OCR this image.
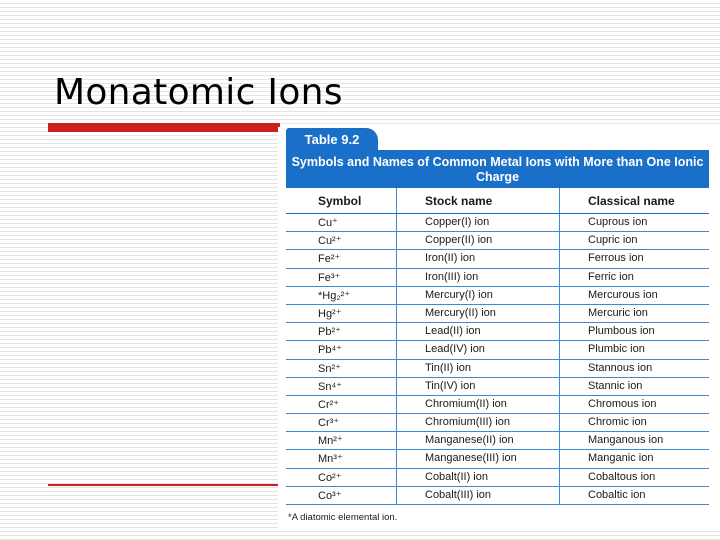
Monatomic Ions
Table 9.2
Symbols and Names of Common Metal Ions with More than One Ionic Charge
Symbol	Stock name	Classical name
Cu⁺	Copper(I) ion	Cuprous ion
Cu²⁺	Copper(II) ion	Cupric ion
Fe²⁺	Iron(II) ion	Ferrous ion
Fe³⁺	Iron(III) ion	Ferric ion
*Hg₂²⁺	Mercury(I) ion	Mercurous ion
Hg²⁺	Mercury(II) ion	Mercuric ion
Pb²⁺	Lead(II) ion	Plumbous ion
Pb⁴⁺	Lead(IV) ion	Plumbic ion
Sn²⁺	Tin(II) ion	Stannous ion
Sn⁴⁺	Tin(IV) ion	Stannic ion
Cr²⁺	Chromium(II) ion	Chromous ion
Cr³⁺	Chromium(III) ion	Chromic ion
Mn²⁺	Manganese(II) ion	Manganous ion
Mn³⁺	Manganese(III) ion	Manganic ion
Co²⁺	Cobalt(II) ion	Cobaltous ion
Co³⁺	Cobalt(III) ion	Cobaltic ion
*A diatomic elemental ion.
